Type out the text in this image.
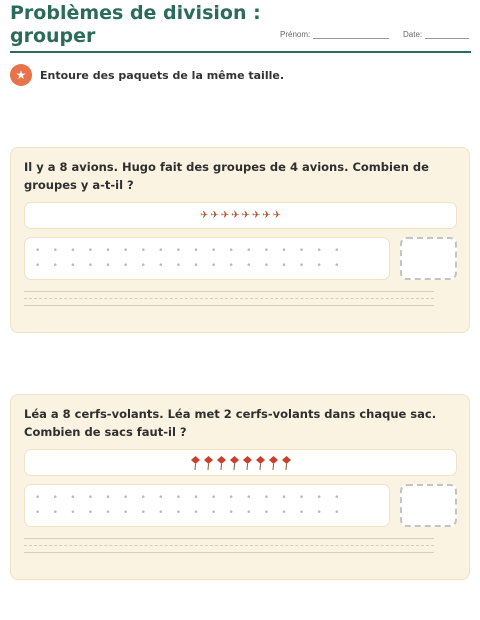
Problèmes de division :
grouper	Prénom:	Date:
★	Entoure des paquets de la même taille.
Il y a 8 avions. Hugo fait des groupes de 4 avions. Combien de groupes y a-t-il ?
✈ ✈ ✈ ✈ ✈ ✈ ✈ ✈
•	•	•	•	•	•	•	•	•	•	•	•	•	•	•	•	•	•
•	•	•	•	•	•	•	•	•	•	•	•	•	•	•	•	•	•
Léa a 8 cerfs-volants. Léa met 2 cerfs-volants dans chaque sac. Combien de sacs faut-il ?
•	•	•	•	•	•	•	•	•	•	•	•	•	•	•	•	•	•
•	•	•	•	•	•	•	•	•	•	•	•	•	•	•	•	•	•
